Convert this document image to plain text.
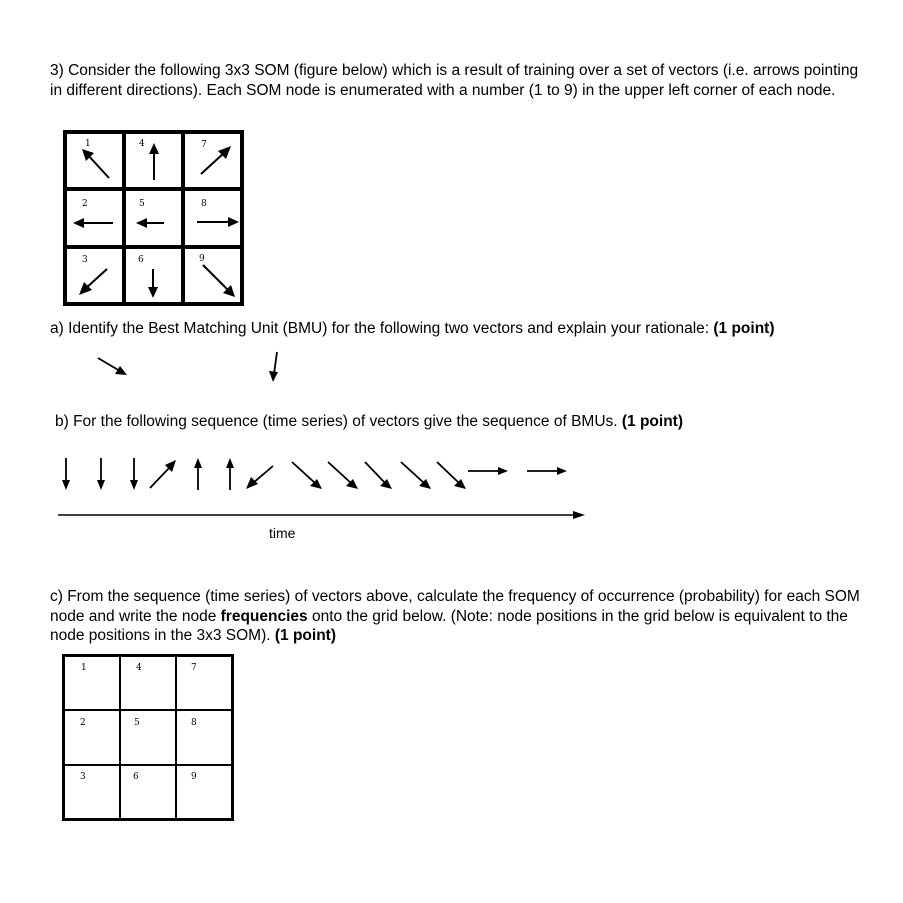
3) Consider the following 3x3 SOM (figure below) which is a result of training over a set of vectors (i.e. arrows pointing in different directions). Each SOM node is enumerated with a number (1 to 9) in the upper left corner of each node.

1	4	7
2	5	8
3	6	9

a) Identify the Best Matching Unit (BMU) for the following two vectors and explain your rationale: (1 point)

b) For the following sequence (time series) of vectors give the sequence of BMUs. (1 point)

time

c) From the sequence (time series) of vectors above, calculate the frequency of occurrence (probability) for each SOM node and write the node frequencies onto the grid below. (Note: node positions in the grid below is equivalent to the node positions in the 3x3 SOM). (1 point)

1	4	7
2	5	8
3	6	9
